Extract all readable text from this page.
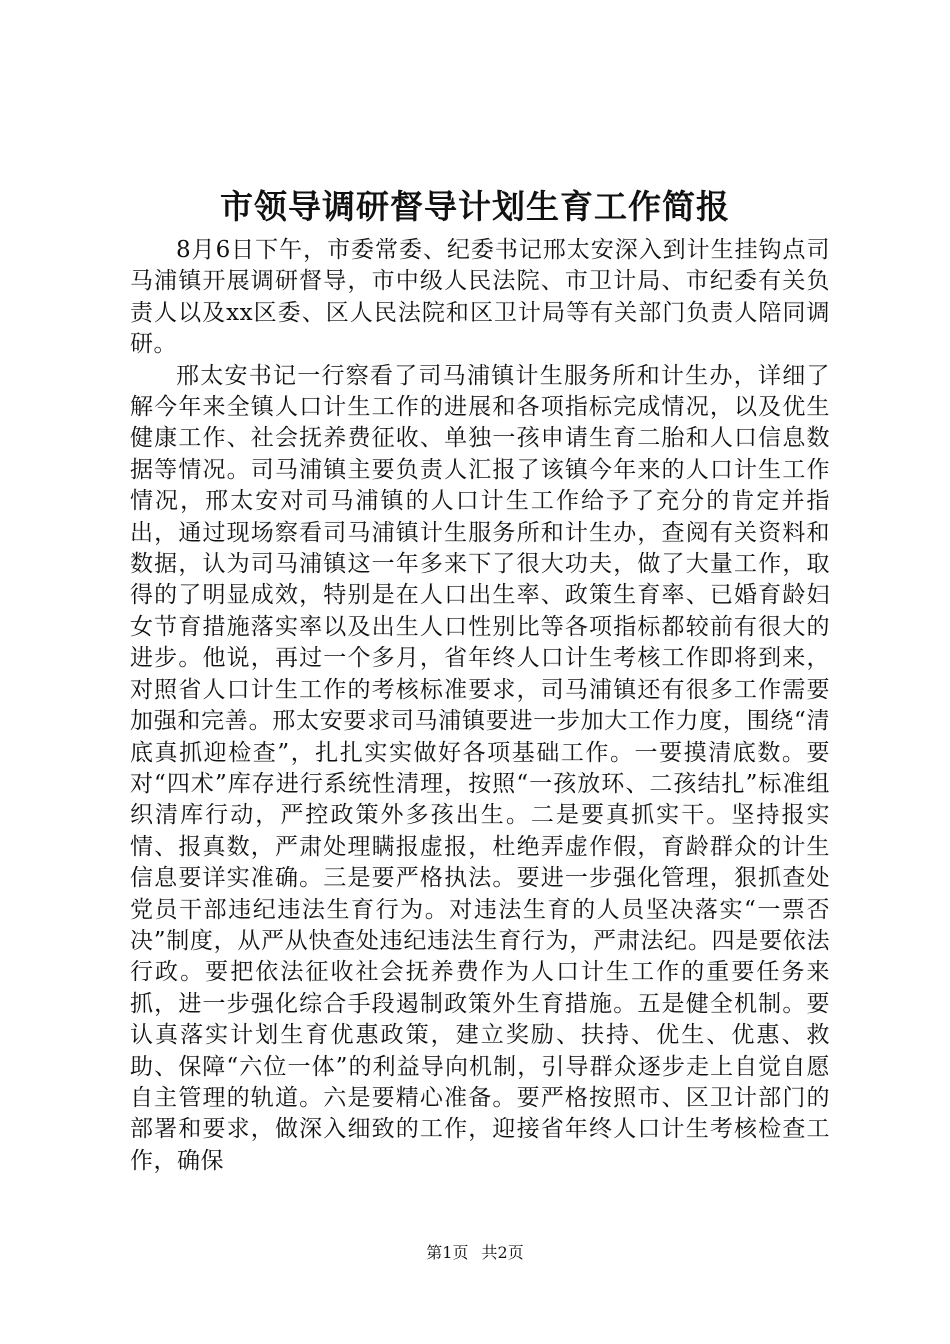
市领导调研督导计划生育工作简报

8月6日下午，市委常委、纪委书记邢太安深入到计生挂钩点司马浦镇开展调研督导，市中级人民法院、市卫计局、市纪委有关负责人以及xx区委、区人民法院和区卫计局等有关部门负责人陪同调研。

邢太安书记一行察看了司马浦镇计生服务所和计生办，详细了解今年来全镇人口计生工作的进展和各项指标完成情况，以及优生健康工作、社会抚养费征收、单独一孩申请生育二胎和人口信息数据等情况。司马浦镇主要负责人汇报了该镇今年来的人口计生工作情况，邢太安对司马浦镇的人口计生工作给予了充分的肯定并指出，通过现场察看司马浦镇计生服务所和计生办，查阅有关资料和数据，认为司马浦镇这一年多来下了很大功夫，做了大量工作，取得的了明显成效，特别是在人口出生率、政策生育率、已婚育龄妇女节育措施落实率以及出生人口性别比等各项指标都较前有很大的进步。他说，再过一个多月，省年终人口计生考核工作即将到来，对照省人口计生工作的考核标准要求，司马浦镇还有很多工作需要加强和完善。邢太安要求司马浦镇要进一步加大工作力度，围绕“清底真抓迎检查”，扎扎实实做好各项基础工作。一要摸清底数。要对“四术”库存进行系统性清理，按照“一孩放环、二孩结扎”标准组织清库行动，严控政策外多孩出生。二是要真抓实干。坚持报实情、报真数，严肃处理瞒报虚报，杜绝弄虚作假，育龄群众的计生信息要详实准确。三是要严格执法。要进一步强化管理，狠抓查处党员干部违纪违法生育行为。对违法生育的人员坚决落实“一票否决”制度，从严从快查处违纪违法生育行为，严肃法纪。四是要依法行政。要把依法征收社会抚养费作为人口计生工作的重要任务来抓，进一步强化综合手段遏制政策外生育措施。五是健全机制。要认真落实计划生育优惠政策，建立奖励、扶持、优生、优惠、救助、保障“六位一体”的利益导向机制，引导群众逐步走上自觉自愿自主管理的轨道。六是要精心准备。要严格按照市、区卫计部门的部署和要求，做深入细致的工作，迎接省年终人口计生考核检查工作，确保

第1页 共2页
